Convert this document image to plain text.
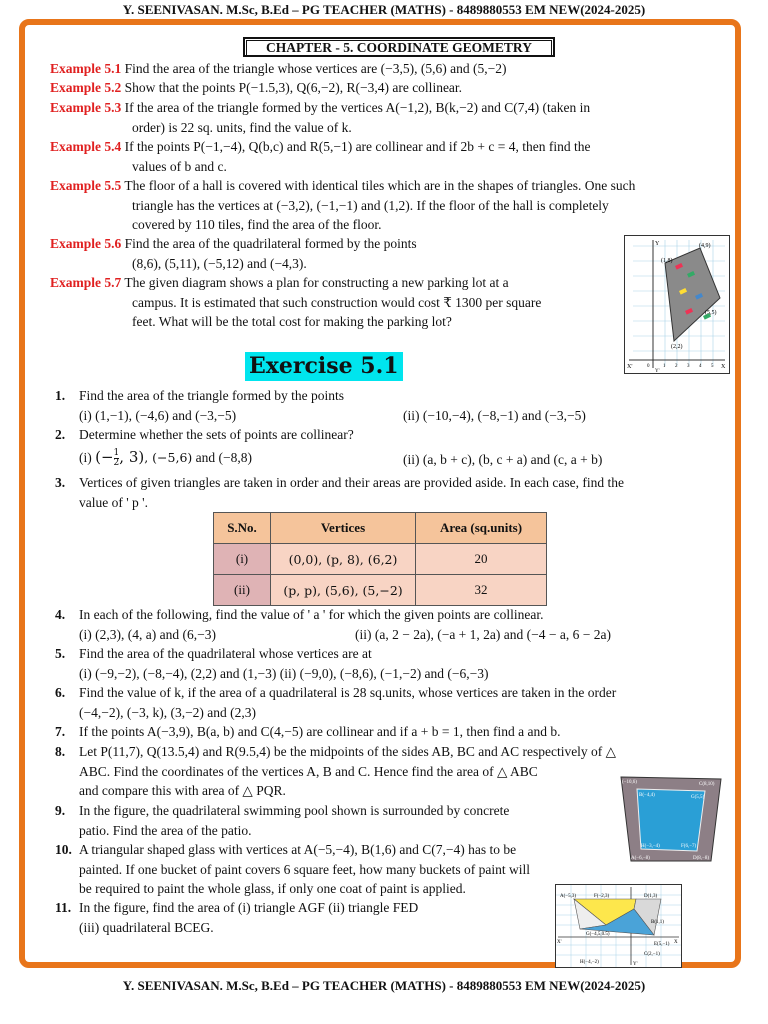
Y. SEENIVASAN. M.Sc, B.Ed – PG TEACHER (MATHS) - 8489880553 EM NEW(2024-2025)
CHAPTER - 5. COORDINATE GEOMETRY
Example 5.1 Find the area of the triangle whose vertices are (−3,5), (5,6) and (5,−2)
Example 5.2 Show that the points P(−1.5,3), Q(6,−2), R(−3,4) are collinear.
Example 5.3 If the area of the triangle formed by the vertices A(−1,2), B(k,−2) and C(7,4) (taken in
order) is 22 sq. units, find the value of k.
Example 5.4 If the points P(−1,−4), Q(b,c) and R(5,−1) are collinear and if 2b + c = 4, then find the
values of b and c.
Example 5.5 The floor of a hall is covered with identical tiles which are in the shapes of triangles. One such
triangle has the vertices at (−3,2), (−1,−1) and (1,2). If the floor of the hall is completely
covered by 110 tiles, find the area of the floor.
Example 5.6 Find the area of the quadrilateral formed by the points
(8,6), (5,11), (−5,12) and (−4,3).
Example 5.7 The given diagram shows a plan for constructing a new parking lot at a
campus. It is estimated that such construction would cost ₹ 1300 per square
feet. What will be the total cost for making the parking lot?
(1,8)
(4,9)
(5,5)
(2,2)
Y
X
X'
Y'
0	1 2 3 4 5
Exercise 5.1
1. Find the area of the triangle formed by the points
(i) (1,−1), (−4,6) and (−3,−5)	(ii) (−10,−4), (−8,−1) and (−3,−5)
2. Determine whether the sets of points are collinear?
(i) (− $\frac{1}{2}$ , 3), (−5,6) and (−8,8)	(ii) (a, b + c), (b, c + a) and (c, a + b)
3. Vertices of given triangles are taken in order and their areas are provided aside. In each case, find the
value of ' p '.
S.No.	Vertices	Area (sq.units)
(i)	(0,0), (p, 8), (6,2)	20
(ii)	(p, p), (5,6), (5,−2)	32
4. In each of the following, find the value of ' a ' for which the given points are collinear.
(i) (2,3), (4, a) and (6,−3)	(ii) (a, 2 − 2a), (−a + 1, 2a) and (−4 − a, 6 − 2a)
5. Find the area of the quadrilateral whose vertices are at
(i) (−9,−2), (−8,−4), (2,2) and (1,−3) (ii) (−9,0), (−8,6), (−1,−2) and (−6,−3)
6. Find the value of k, if the area of a quadrilateral is 28 sq.units, whose vertices are taken in the order
(−4,−2), (−3, k), (3,−2) and (2,3)
7. If the points A(−3,9), B(a, b) and C(4,−5) are collinear and if a + b = 1, then find a and b.
8. Let P(11,7), Q(13.5,4) and R(9.5,4) be the midpoints of the sides AB, BC and AC respectively of △
ABC. Find the coordinates of the vertices A, B and C. Hence find the area of △ ABC
and compare this with area of △ PQR.
9. In the figure, the quadrilateral swimming pool shown is surrounded by concrete
patio. Find the area of the patio.
10. A triangular shaped glass with vertices at A(−5,−4), B(1,6) and C(7,−4) has to be
painted. If one bucket of paint covers 6 square feet, how many buckets of paint will
be required to paint the whole glass, if only one coat of paint is applied.
11. In the figure, find the area of (i) triangle AGF (ii) triangle FED
(iii) quadrilateral BCEG.
(−10,6)	C(8,10)
B(−4,4)	G(5,5)
H(−3,−4)	F(6,−7)
A(−6,−8)	D(8,−8)
A(−5,3)	F(−2,3)	D(1,3)
G(−4,5,0.5)
B(1,1)
E(5,−1)
C(2,−1)
H(−4,−2)
X
X'
Y'
Y. SEENIVASAN. M.Sc, B.Ed – PG TEACHER (MATHS) - 8489880553 EM NEW(2024-2025)
